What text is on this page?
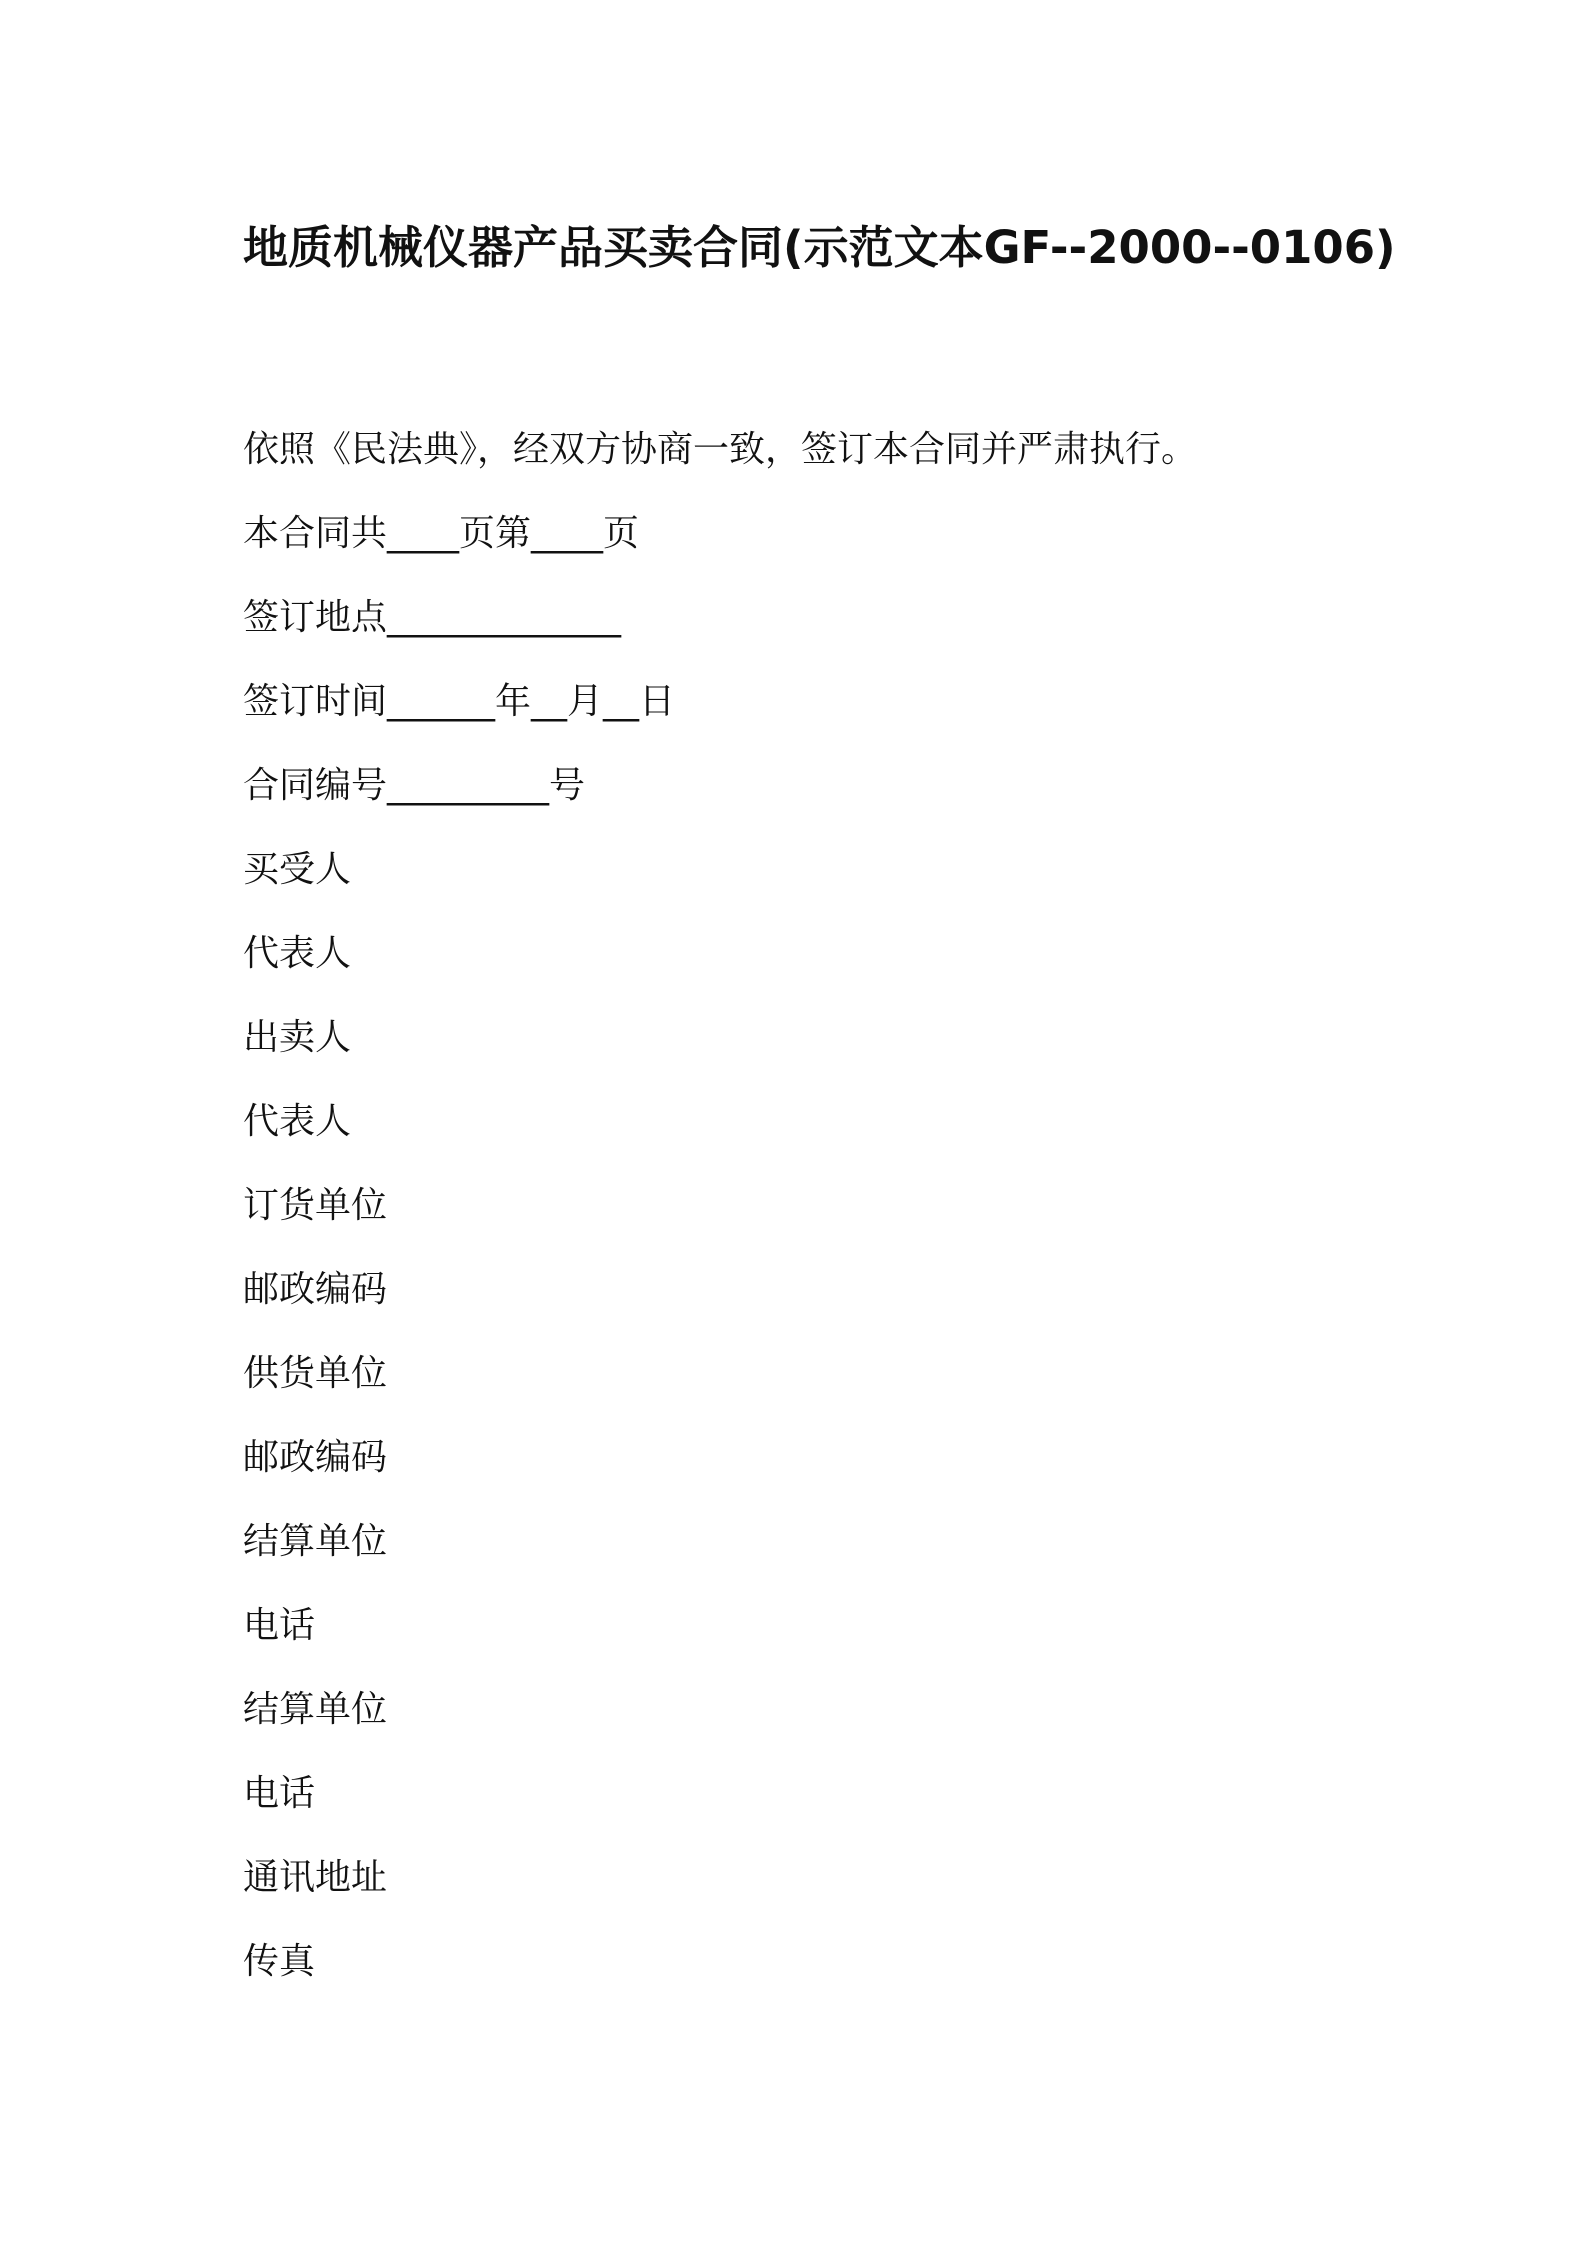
地质机械仪器产品买卖合同(示范文本GF--2000--0106)
依照《民法典》，经双方协商一致，签订本合同并严肃执行。
本合同共____页第____页
签订地点_____________
签订时间______年__月__日
合同编号_________号
买受人
代表人
出卖人
代表人
订货单位
邮政编码
供货单位
邮政编码
结算单位
电话
结算单位
电话
通讯地址
传真
